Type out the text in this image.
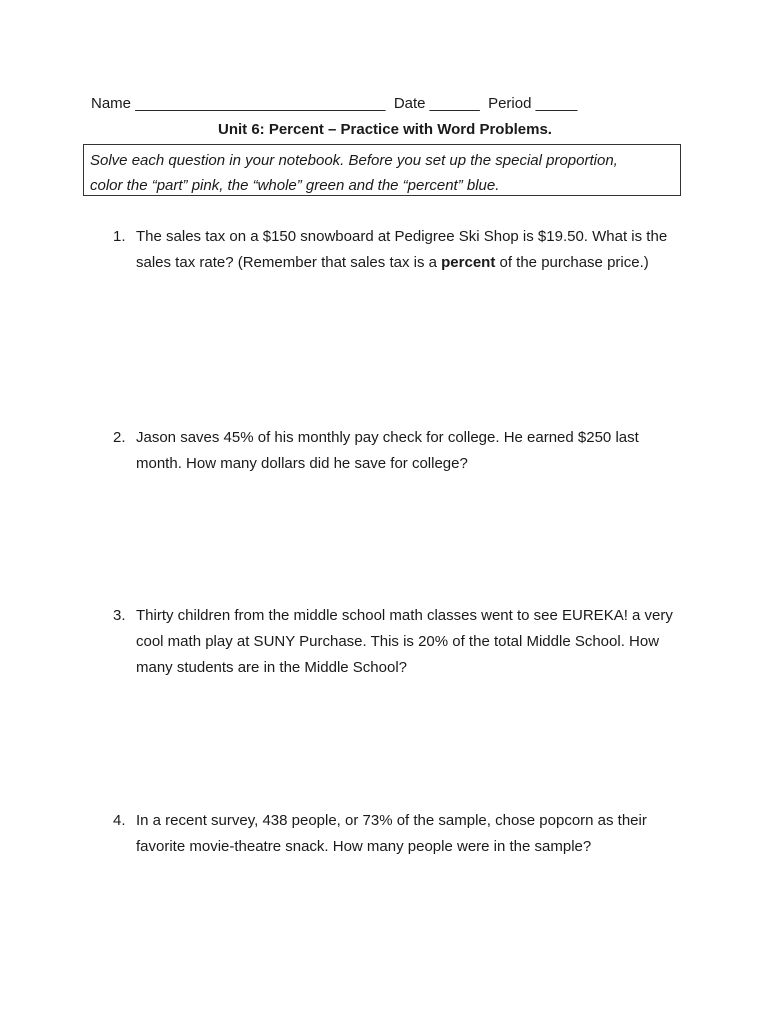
Name ______________________________ Date ______ Period _____
Unit 6: Percent – Practice with Word Problems.
Solve each question in your notebook. Before you set up the special proportion,
color the “part” pink, the “whole” green and the “percent” blue.
1. The sales tax on a $150 snowboard at Pedigree Ski Shop is $19.50. What is the sales tax rate? (Remember that sales tax is a percent of the purchase price.)
2. Jason saves 45% of his monthly pay check for college. He earned $250 last month. How many dollars did he save for college?
3. Thirty children from the middle school math classes went to see EUREKA! a very cool math play at SUNY Purchase. This is 20% of the total Middle School. How many students are in the Middle School?
4. In a recent survey, 438 people, or 73% of the sample, chose popcorn as their favorite movie-theatre snack. How many people were in the sample?
